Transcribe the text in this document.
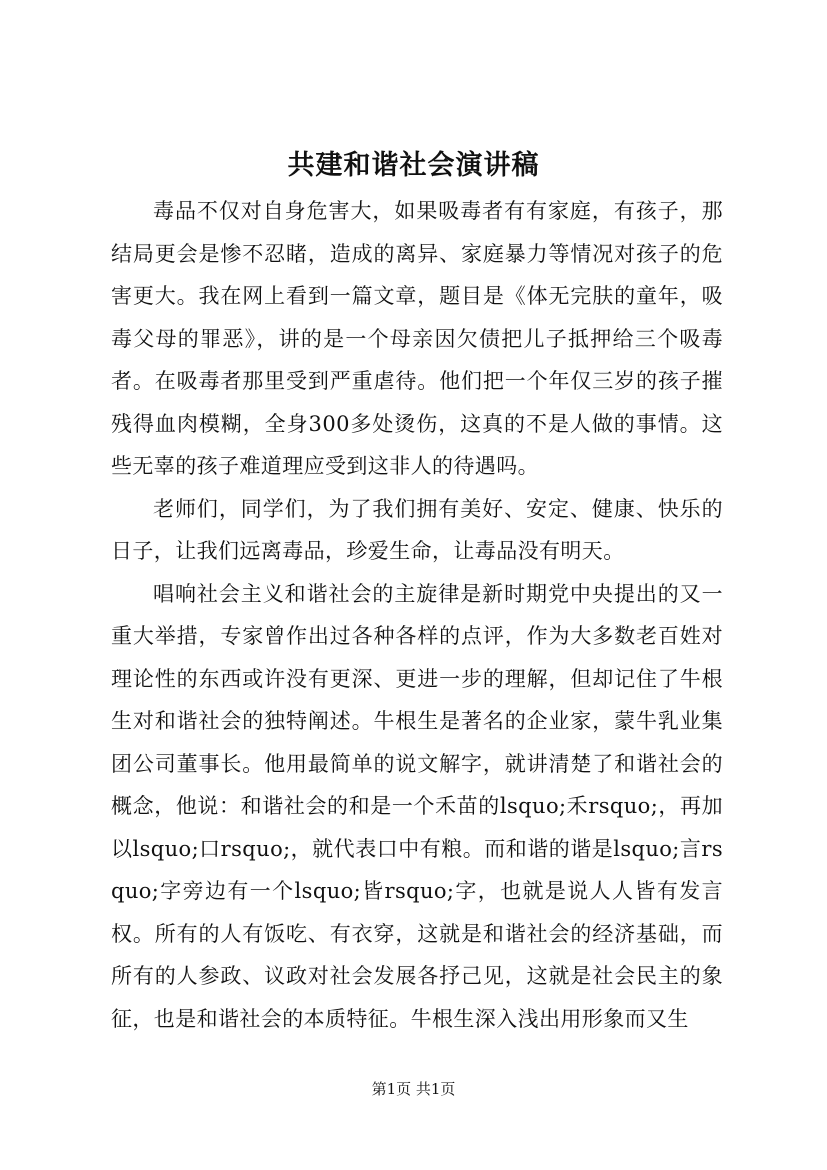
共建和谐社会演讲稿

毒品不仅对自身危害大，如果吸毒者有有家庭，有孩子，那结局更会是惨不忍睹，造成的离异、家庭暴力等情况对孩子的危害更大。我在网上看到一篇文章，题目是《体无完肤的童年，吸毒父母的罪恶》，讲的是一个母亲因欠债把儿子抵押给三个吸毒者。在吸毒者那里受到严重虐待。他们把一个年仅三岁的孩子摧残得血肉模糊，全身300多处烫伤，这真的不是人做的事情。这些无辜的孩子难道理应受到这非人的待遇吗。

老师们，同学们，为了我们拥有美好、安定、健康、快乐的日子，让我们远离毒品，珍爱生命，让毒品没有明天。

唱响社会主义和谐社会的主旋律是新时期党中央提出的又一重大举措，专家曾作出过各种各样的点评，作为大多数老百姓对理论性的东西或许没有更深、更进一步的理解，但却记住了牛根生对和谐社会的独特阐述。牛根生是著名的企业家，蒙牛乳业集团公司董事长。他用最简单的说文解字，就讲清楚了和谐社会的概念，他说：和谐社会的和是一个禾苗的lsquo;禾rsquo;，再加以lsquo;口rsquo;，就代表口中有粮。而和谐的谐是lsquo;言rsquo;字旁边有一个lsquo;皆rsquo;字，也就是说人人皆有发言权。所有的人有饭吃、有衣穿，这就是和谐社会的经济基础，而所有的人参政、议政对社会发展各抒己见，这就是社会民主的象征，也是和谐社会的本质特征。牛根生深入浅出用形象而又生

第1页 共1页
